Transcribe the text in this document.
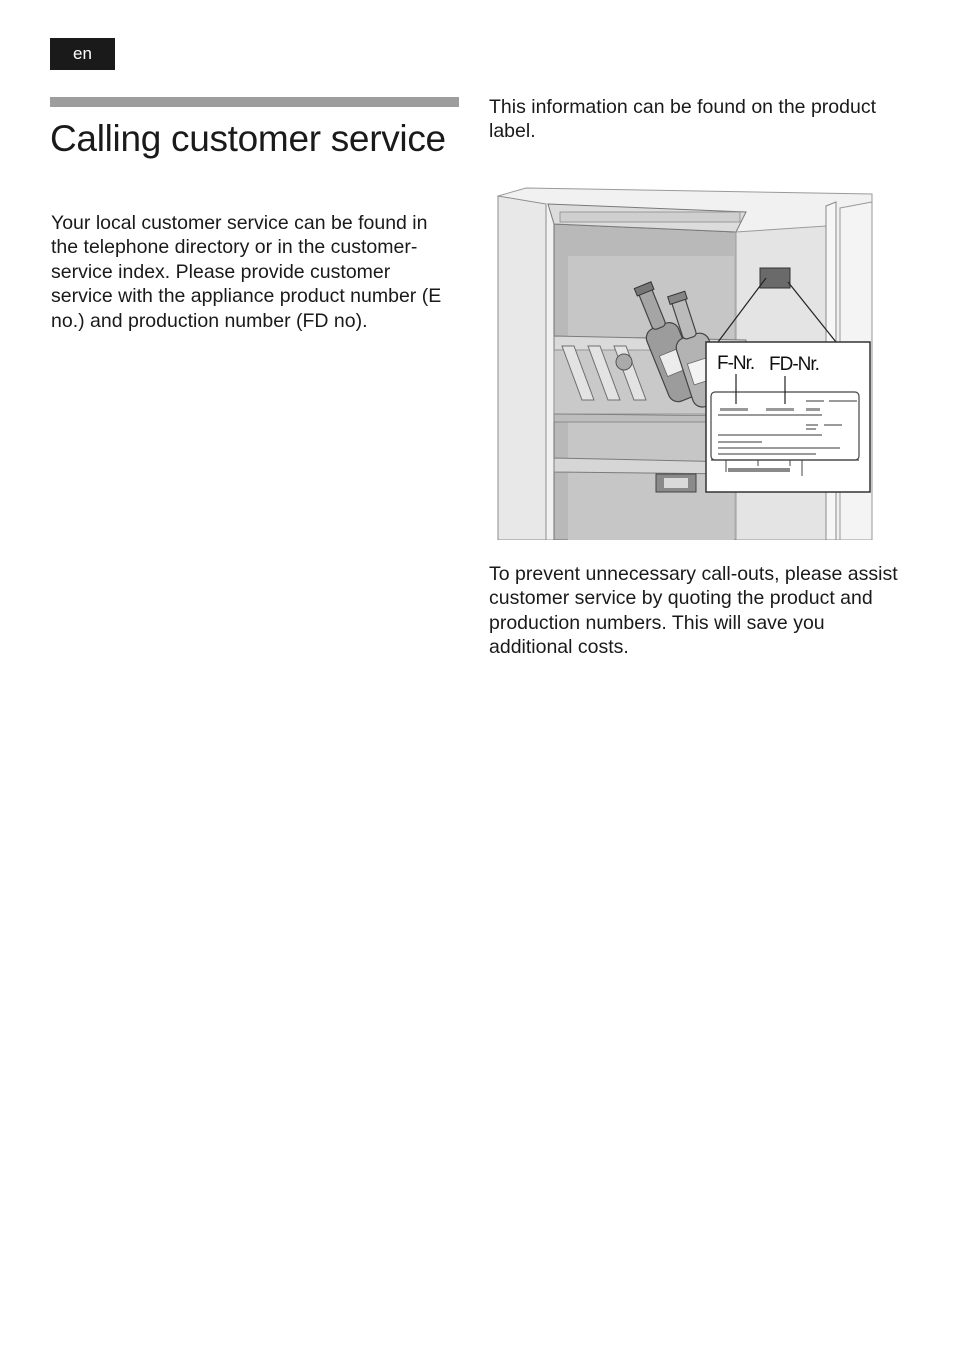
en
Calling customer service

Your local customer service can be found in the telephone directory or in the customer-service index. Please provide customer service with the appliance product number (E no.) and production number (FD no).

This information can be found on the product label.

F-Nr. FD-Nr.

To prevent unnecessary call-outs, please assist customer service by quoting the product and production numbers. This will save you additional costs.
